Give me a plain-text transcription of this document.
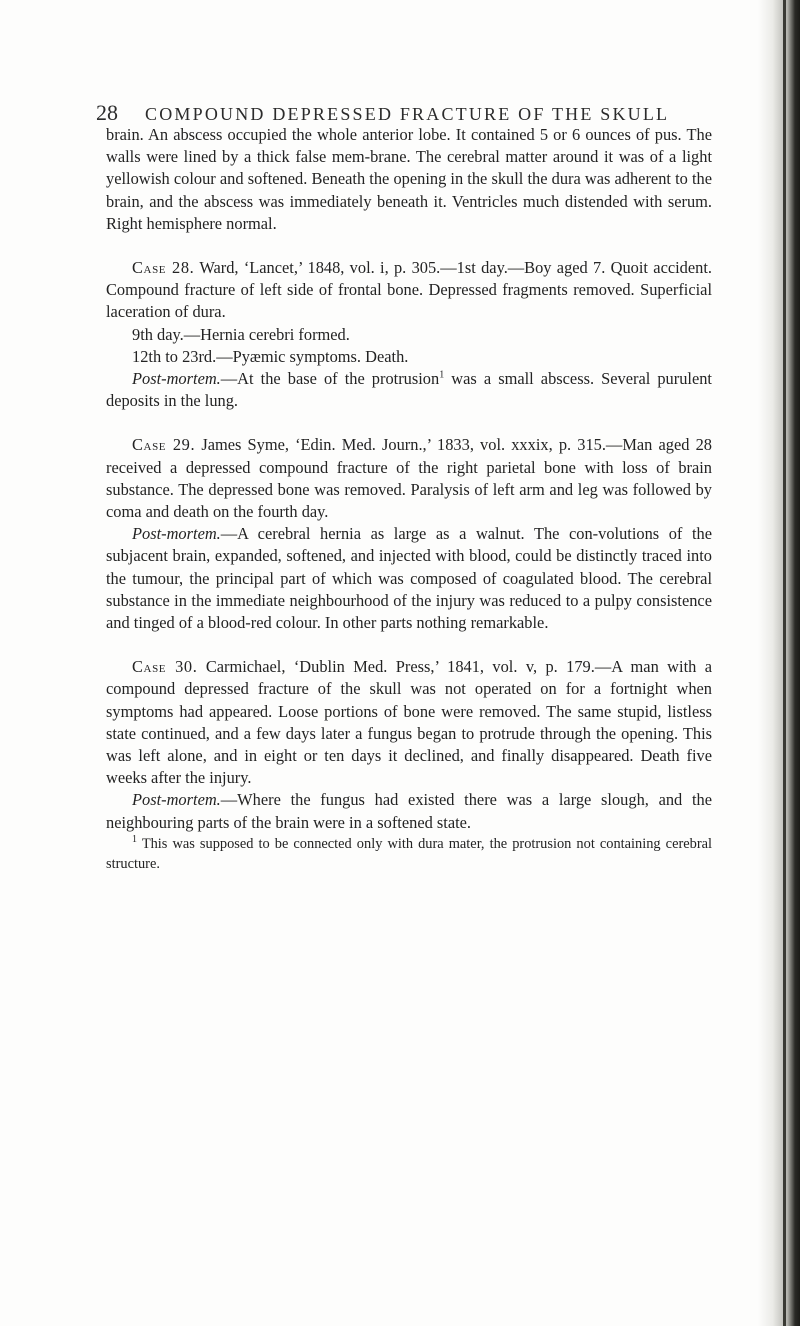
28 COMPOUND DEPRESSED FRACTURE OF THE SKULL

brain. An abscess occupied the whole anterior lobe. It contained 5 or 6 ounces of pus. The walls were lined by a thick false mem-brane. The cerebral matter around it was of a light yellowish colour and softened. Beneath the opening in the skull the dura was adherent to the brain, and the abscess was immediately beneath it. Ventricles much distended with serum. Right hemisphere normal.

Case 28. Ward, ‘Lancet,’ 1848, vol. i, p. 305.—1st day.—Boy aged 7. Quoit accident. Compound fracture of left side of frontal bone. Depressed fragments removed. Superficial laceration of dura.

9th day.—Hernia cerebri formed.

12th to 23rd.—Pyæmic symptoms. Death.

Post-mortem.—At the base of the protrusion$^1$ was a small abscess. Several purulent deposits in the lung.

Case 29. James Syme, ‘Edin. Med. Journ.,’ 1833, vol. xxxix, p. 315.—Man aged 28 received a depressed compound fracture of the right parietal bone with loss of brain substance. The depressed bone was removed. Paralysis of left arm and leg was followed by coma and death on the fourth day.

Post-mortem.—A cerebral hernia as large as a walnut. The con-volutions of the subjacent brain, expanded, softened, and injected with blood, could be distinctly traced into the tumour, the principal part of which was composed of coagulated blood. The cerebral substance in the immediate neighbourhood of the injury was reduced to a pulpy consistence and tinged of a blood-red colour. In other parts nothing remarkable.

Case 30. Carmichael, ‘Dublin Med. Press,’ 1841, vol. v, p. 179.—A man with a compound depressed fracture of the skull was not operated on for a fortnight when symptoms had appeared. Loose portions of bone were removed. The same stupid, listless state continued, and a few days later a fungus began to protrude through the opening. This was left alone, and in eight or ten days it declined, and finally disappeared. Death five weeks after the injury.

Post-mortem.—Where the fungus had existed there was a large slough, and the neighbouring parts of the brain were in a softened state.

$^1$ This was supposed to be connected only with dura mater, the protrusion not containing cerebral structure.
